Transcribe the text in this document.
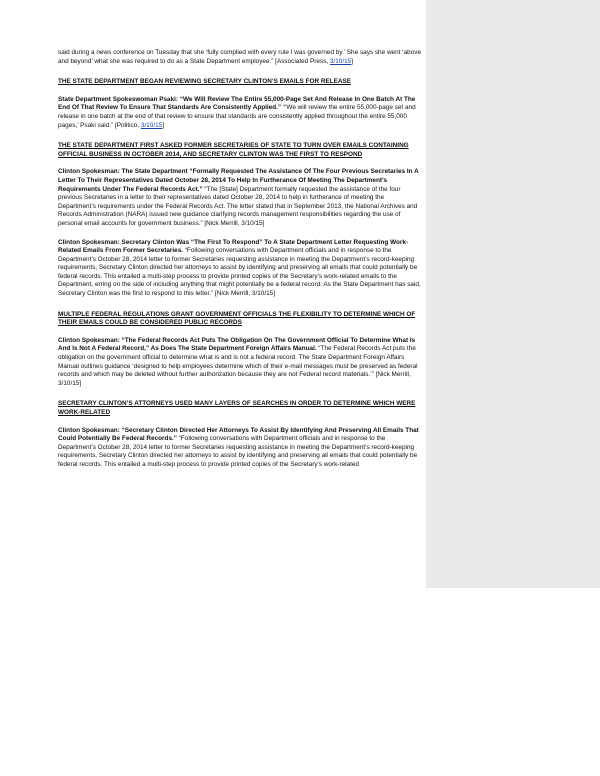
said during a news conference on Tuesday that she ‘fully complied with every rule I was governed by.’ She says she went ‘above and beyond’ what she was required to do as a State Department employee.” [Associated Press, 3/10/15]

THE STATE DEPARTMENT BEGAN REVIEWING SECRETARY CLINTON’S EMAILS FOR RELEASE

State Department Spokeswoman Psaki: “We Will Review The Entire 55,000-Page Set And Release In One Batch At The End Of That Review To Ensure That Standards Are Consistently Applied.” “‘We will review the entire 55,000-page set and release in one batch at the end of that review to ensure that standards are consistently applied throughout the entire 55,000 pages,’ Psaki said.” [Politico, 3/10/15]

THE STATE DEPARTMENT FIRST ASKED FORMER SECRETARIES OF STATE TO TURN OVER EMAILS CONTAINING OFFICIAL BUSINESS IN OCTOBER 2014, AND SECRETARY CLINTON WAS THE FIRST TO RESPOND

Clinton Spokesman: The State Department “Formally Requested The Assistance Of The Four Previous Secretaries In A Letter To Their Representatives Dated October 28, 2014 To Help In Furtherance Of Meeting The Department’s Requirements Under The Federal Records Act.” “The [State] Department formally requested the assistance of the four previous Secretaries in a letter to their representatives dated October 28, 2014 to help in furtherance of meeting the Department’s requirements under the Federal Records Act. The letter stated that in September 2013, the National Archives and Records Administration (NARA) issued new guidance clarifying records management responsibilities regarding the use of personal email accounts for government business.” [Nick Merrill, 3/10/15]

Clinton Spokesman: Secretary Clinton Was “The First To Respond” To A State Department Letter Requesting Work-Related Emails From Former Secretaries. “Following conversations with Department officials and in response to the Department’s October 28, 2014 letter to former Secretaries requesting assistance in meeting the Department’s record-keeping requirements, Secretary Clinton directed her attorneys to assist by identifying and preserving all emails that could potentially be federal records. This entailed a multi-step process to provide printed copies of the Secretary’s work-related emails to the Department, erring on the side of including anything that might potentially be a federal record. As the State Department has said, Secretary Clinton was the first to respond to this letter.” [Nick Merrill, 3/10/15]

MULTIPLE FEDERAL REGULATIONS GRANT GOVERNMENT OFFICIALS THE FLEXIBILITY TO DETERMINE WHICH OF THEIR EMAILS COULD BE CONSIDERED PUBLIC RECORDS

Clinton Spokesman: “The Federal Records Act Puts The Obligation On The Government Official To Determine What Is And Is Not A Federal Record,” As Does The State Department Foreign Affairs Manual. “The Federal Records Act puts the obligation on the government official to determine what is and is not a federal record. The State Department Foreign Affairs Manual outlines guidance ‘designed to help employees determine which of their e-mail messages must be preserved as federal records and which may be deleted without further authorization because they are not Federal record materials.’” [Nick Merrill, 3/10/15]

SECRETARY CLINTON’S ATTORNEYS USED MANY LAYERS OF SEARCHES IN ORDER TO DETERMINE WHICH WERE WORK-RELATED

Clinton Spokesman: “Secretary Clinton Directed Her Attorneys To Assist By Identifying And Preserving All Emails That Could Potentially Be Federal Records.” “Following conversations with Department officials and in response to the Department’s October 28, 2014 letter to former Secretaries requesting assistance in meeting the Department’s record-keeping requirements, Secretary Clinton directed her attorneys to assist by identifying and preserving all emails that could potentially be federal records. This entailed a multi-step process to provide printed copies of the Secretary’s work-related
